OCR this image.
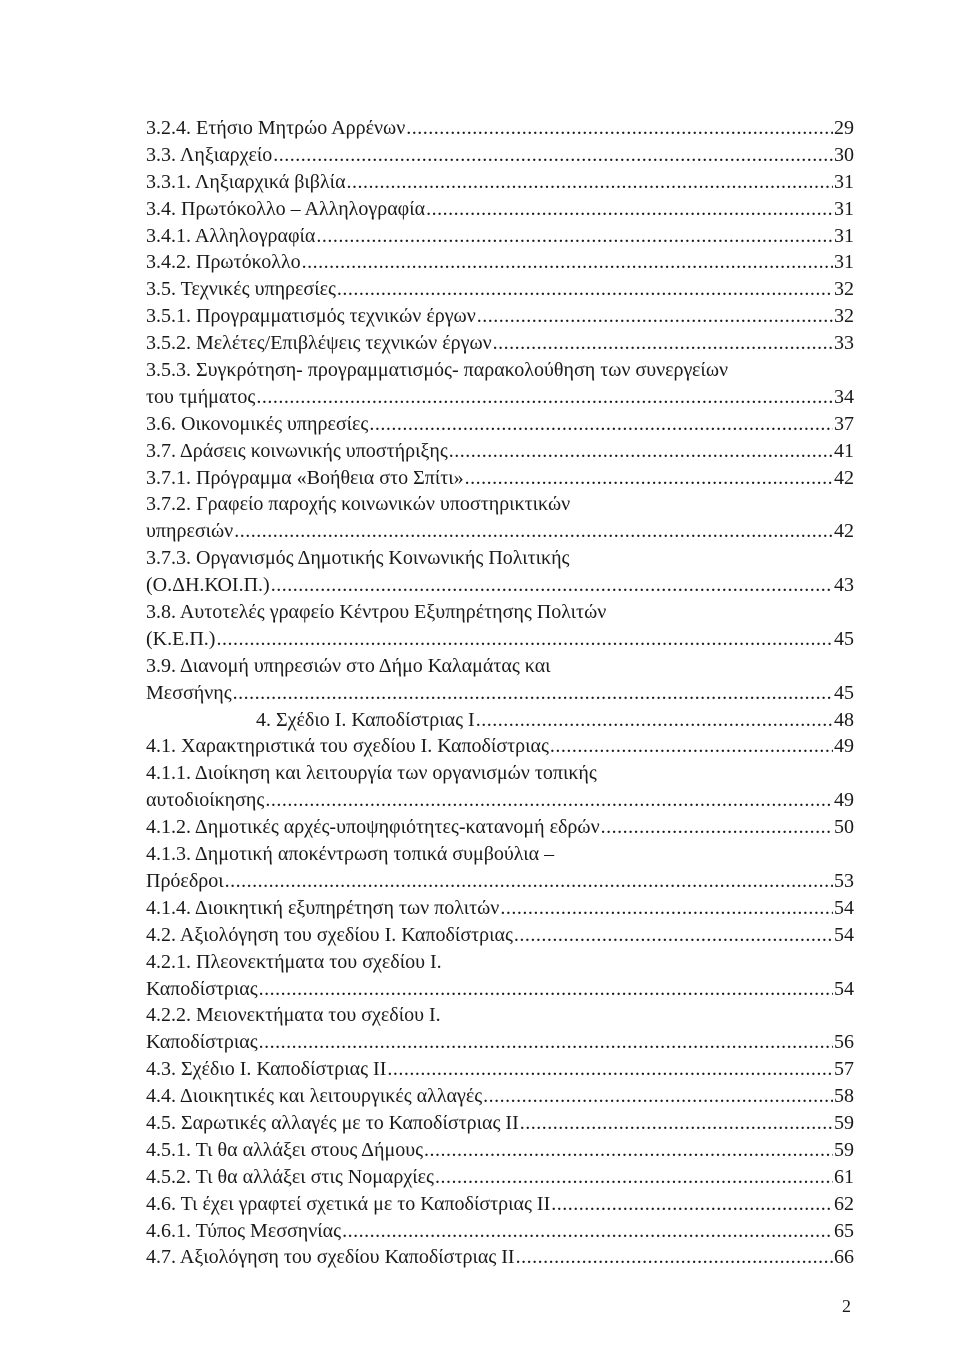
3.2.4. Ετήσιο Μητρώο Αρρένων .....	29
3.3. Ληξιαρχείο .....	30
3.3.1. Ληξιαρχικά βιβλία .....	31
3.4. Πρωτόκολλο – Αλληλογραφία .....	31
3.4.1. Αλληλογραφία .....	31
3.4.2. Πρωτόκολλο .....	31
3.5. Τεχνικές υπηρεσίες .....	32
3.5.1. Προγραμματισμός τεχνικών έργων .....	32
3.5.2. Μελέτες/Επιβλέψεις τεχνικών έργων .....	33
3.5.3. Συγκρότηση- προγραμματισμός- παρακολούθηση των συνεργείων
του τμήματος .....	34
3.6. Οικονομικές υπηρεσίες .....	37
3.7. Δράσεις κοινωνικής υποστήριξης .....	41
3.7.1. Πρόγραμμα «Βοήθεια στο Σπίτι» .....	42
3.7.2. Γραφείο παροχής κοινωνικών υποστηρικτικών
υπηρεσιών .....	42
3.7.3. Οργανισμός Δημοτικής Κοινωνικής Πολιτικής
(Ο.ΔΗ.ΚΟΙ.Π.) .....	43
3.8. Αυτοτελές γραφείο Κέντρου Εξυπηρέτησης Πολιτών
(Κ.Ε.Π.) .....	45
3.9. Διανομή υπηρεσιών στο Δήμο Καλαμάτας και
Μεσσήνης .....	45
4. Σχέδιο Ι. Καποδίστριας Ι .....	48
4.1. Χαρακτηριστικά του σχεδίου Ι. Καποδίστριας .....	49
4.1.1. Διοίκηση και λειτουργία των οργανισμών τοπικής
αυτοδιοίκησης .....	49
4.1.2. Δημοτικές αρχές-υποψηφιότητες-κατανομή εδρών .....	50
4.1.3. Δημοτική αποκέντρωση τοπικά συμβούλια –
Πρόεδροι .....	53
4.1.4. Διοικητική εξυπηρέτηση των πολιτών .....	54
4.2. Αξιολόγηση του σχεδίου Ι. Καποδίστριας .....	54
4.2.1. Πλεονεκτήματα του σχεδίου Ι.
Καποδίστριας .....	54
4.2.2. Μειονεκτήματα του σχεδίου Ι.
Καποδίστριας .....	56
4.3. Σχέδιο Ι. Καποδίστριας ΙΙ .....	57
4.4. Διοικητικές και λειτουργικές αλλαγές .....	58
4.5. Σαρωτικές αλλαγές με το Καποδίστριας ΙΙ .....	59
4.5.1. Τι θα αλλάξει στους Δήμους .....	59
4.5.2. Τι θα αλλάξει στις Νομαρχίες .....	61
4.6. Τι έχει γραφτεί σχετικά με το Καποδίστριας ΙΙ .....	62
4.6.1. Τύπος Μεσσηνίας .....	65
4.7. Αξιολόγηση του σχεδίου Καποδίστριας ΙΙ .....	66
2
